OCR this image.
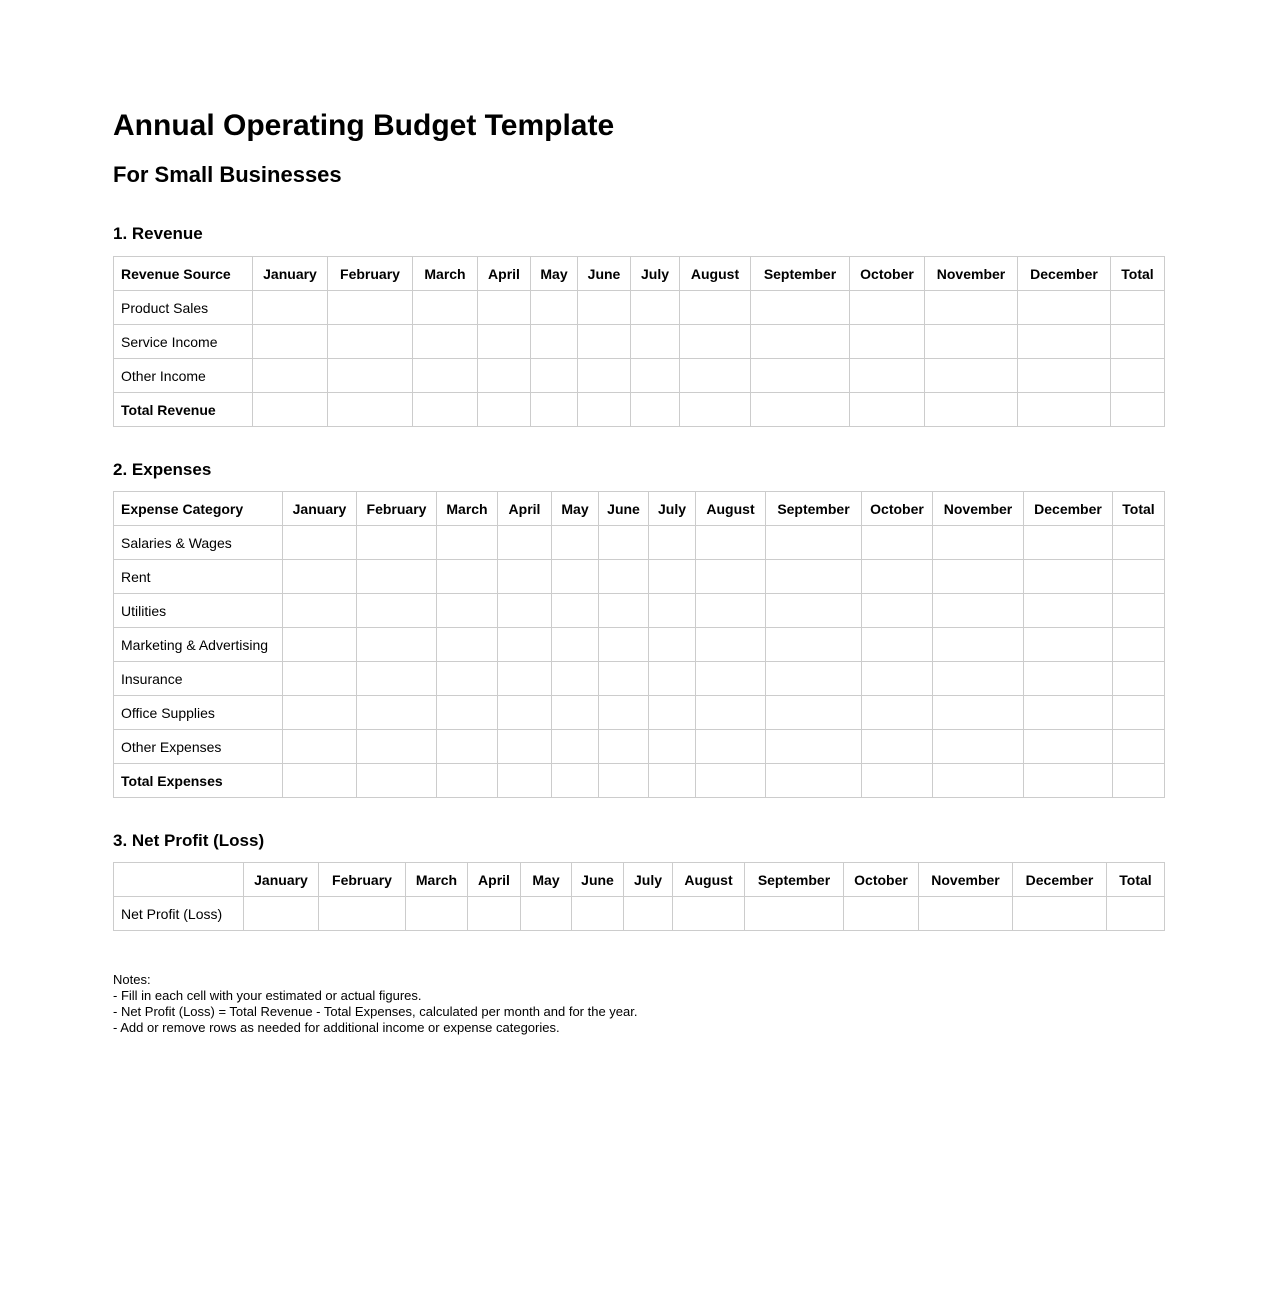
Annual Operating Budget Template
For Small Businesses
1. Revenue
Revenue Source	January	February	March	April	May	June	July	August	September	October	November	December	Total
Product Sales													
Service Income													
Other Income													
Total Revenue													
2. Expenses
Expense Category	January	February	March	April	May	June	July	August	September	October	November	December	Total
Salaries & Wages													
Rent													
Utilities													
Marketing & Advertising													
Insurance													
Office Supplies													
Other Expenses													
Total Expenses													
3. Net Profit (Loss)
	January	February	March	April	May	June	July	August	September	October	November	December	Total
Net Profit (Loss)													

Notes:

- Fill in each cell with your estimated or actual figures.

- Net Profit (Loss) = Total Revenue - Total Expenses, calculated per month and for the year.

- Add or remove rows as needed for additional income or expense categories.
